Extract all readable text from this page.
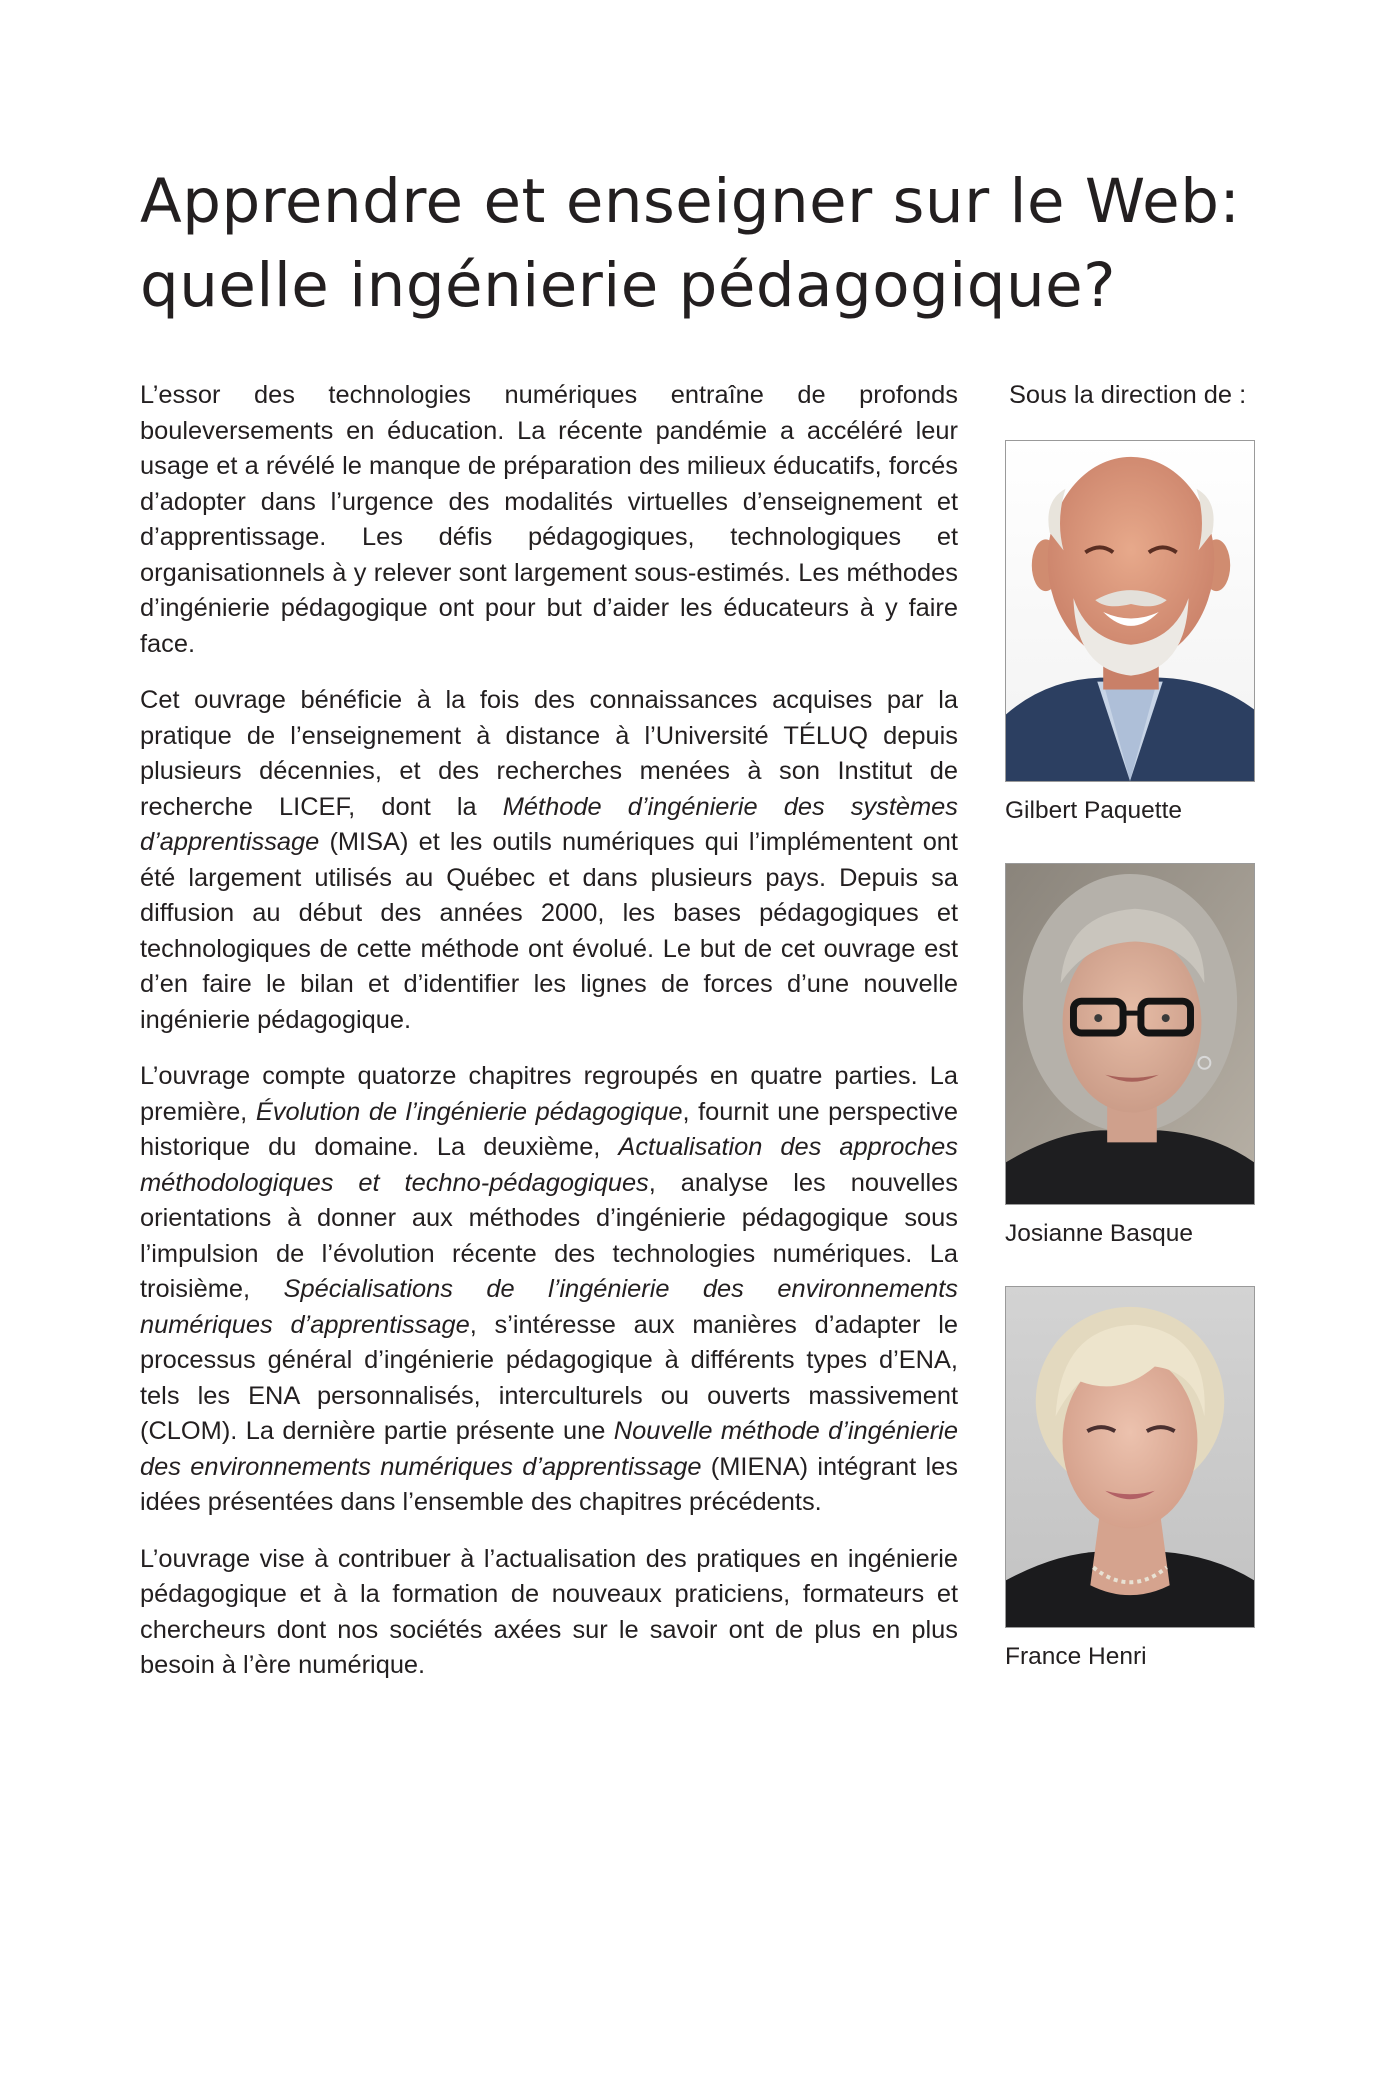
Apprendre et enseigner sur le Web:
quelle ingénierie pédagogique?

L’essor des technologies numériques entraîne de profonds bouleversements en éducation. La récente pandémie a accéléré leur usage et a révélé le manque de préparation des milieux éducatifs, forcés d’adopter dans l’urgence des modalités virtuelles d’enseignement et d’apprentissage. Les défis pédagogiques, technologiques et organisationnels à y relever sont largement sous-estimés. Les méthodes d’ingénierie pédagogique ont pour but d’aider les éducateurs à y faire face.

Cet ouvrage bénéficie à la fois des connaissances acquises par la pratique de l’enseignement à distance à l’Université TÉLUQ depuis plusieurs décennies, et des recherches menées à son Institut de recherche LICEF, dont la Méthode d’ingénierie des systèmes d’apprentissage (MISA) et les outils numériques qui l’implémentent ont été largement utilisés au Québec et dans plusieurs pays. Depuis sa diffusion au début des années 2000, les bases pédagogiques et technologiques de cette méthode ont évolué. Le but de cet ouvrage est d’en faire le bilan et d’identifier les lignes de forces d’une nouvelle ingénierie pédagogique.

L’ouvrage compte quatorze chapitres regroupés en quatre parties. La première, Évolution de l’ingénierie pédagogique, fournit une perspective historique du domaine. La deuxième, Actualisation des approches méthodologiques et techno-pédagogiques, analyse les nouvelles orientations à donner aux méthodes d’ingénierie pédagogique sous l’impulsion de l’évolution récente des technologies numériques. La troisième, Spécialisations de l’ingénierie des environnements numériques d’apprentissage, s’intéresse aux manières d’adapter le processus général d’ingénierie pédagogique à différents types d’ENA, tels les ENA personnalisés, interculturels ou ouverts massivement (CLOM). La dernière partie présente une Nouvelle méthode d’ingénierie des environnements numériques d’apprentissage (MIENA) intégrant les idées présentées dans l’ensemble des chapitres précédents.

L’ouvrage vise à contribuer à l’actualisation des pratiques en ingénierie pédagogique et à la formation de nouveaux praticiens, formateurs et chercheurs dont nos sociétés axées sur le savoir ont de plus en plus besoin à l’ère numérique.

Sous la direction de :
Gilbert Paquette
Josianne Basque
France Henri
